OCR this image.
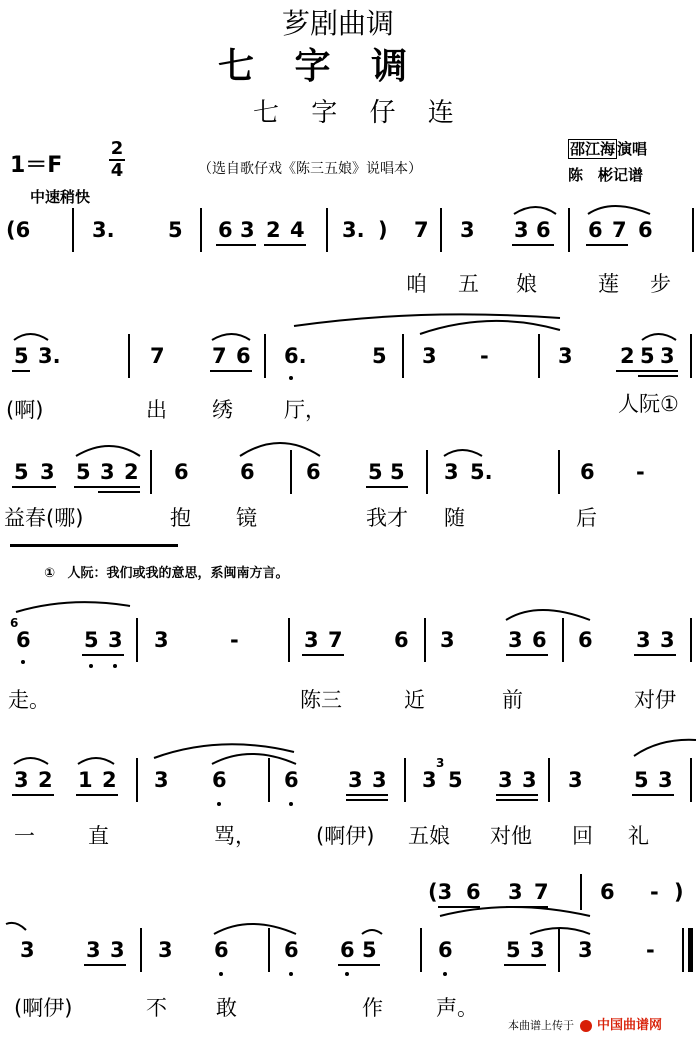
芗剧曲调
七 字 调
七 字 仔 连
1＝F
2
4	（选自歌仔戏《陈三五娘》说唱本）
邵江海 演唱
陈　彬记谱
中速稍快
(6	3.	5 6 3 2 4 3. ) 7 3 3 6 6 7 6
咱 五 娘	莲 步
5 3.	7 7 6 6.	5 3 -	3 2 5 3
(啊)	出 绣 厅，	人阮①
5 3 5 3 2 6 6 6 5 5 3 5.	6 -
益春(哪)	抱 镜	我才 随	后
① 人阮：我们或我的意思，系闽南方言。
6
6	5 3 3	-	3 7 6 3	3 6 6 3 3
走。	陈三	近	前	对伊
3 2 1 2 3 6	6 3 3 3
3
5 3 3 3 5 3
一	直	骂，	(啊伊) 五娘 对他 回 礼
(3 6 3 7 6 - )
3 3 3 3 6	6 6 5	6	5 3 3	-
(啊伊)	不 敢	作	声。
本曲谱上传于 中国曲谱网
